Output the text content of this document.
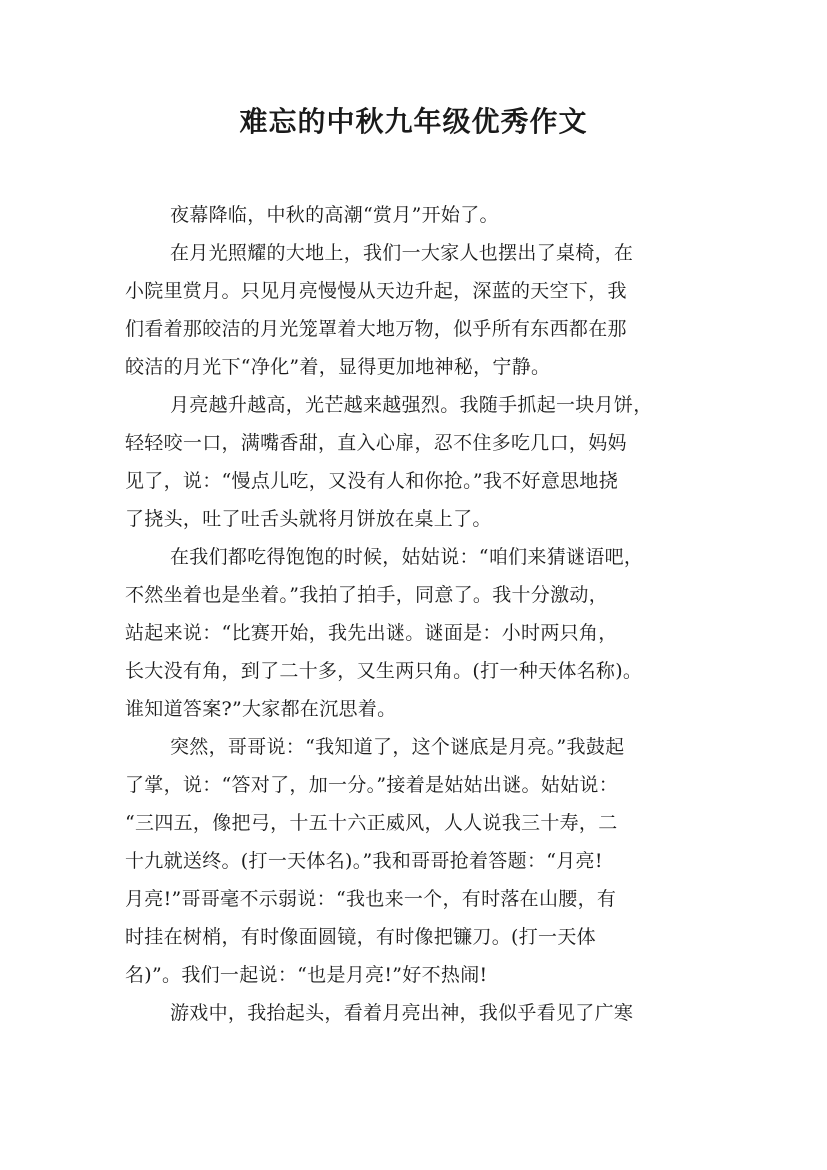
难忘的中秋九年级优秀作文

夜幕降临，中秋的高潮“赏月”开始了。

在月光照耀的大地上，我们一大家人也摆出了桌椅，在

小院里赏月。只见月亮慢慢从天边升起，深蓝的天空下，我

们看着那皎洁的月光笼罩着大地万物，似乎所有东西都在那

皎洁的月光下“净化”着，显得更加地神秘，宁静。

月亮越升越高，光芒越来越强烈。我随手抓起一块月饼，

轻轻咬一口，满嘴香甜，直入心扉，忍不住多吃几口，妈妈

见了，说：“慢点儿吃，又没有人和你抢。”我不好意思地挠

了挠头，吐了吐舌头就将月饼放在桌上了。

在我们都吃得饱饱的时候，姑姑说：“咱们来猜谜语吧，

不然坐着也是坐着。”我拍了拍手，同意了。我十分激动，

站起来说：“比赛开始，我先出谜。谜面是：小时两只角，

长大没有角，到了二十多，又生两只角。(打一种天体名称)。

谁知道答案?”大家都在沉思着。

突然，哥哥说：“我知道了，这个谜底是月亮。”我鼓起

了掌，说：“答对了，加一分。”接着是姑姑出谜。姑姑说：

“三四五，像把弓，十五十六正威风，人人说我三十寿，二

十九就送终。(打一天体名)。”我和哥哥抢着答题：“月亮!

月亮!”哥哥毫不示弱说：“我也来一个，有时落在山腰，有

时挂在树梢，有时像面圆镜，有时像把镰刀。(打一天体

名)”。我们一起说：“也是月亮!”好不热闹!

游戏中，我抬起头，看着月亮出神，我似乎看见了广寒
